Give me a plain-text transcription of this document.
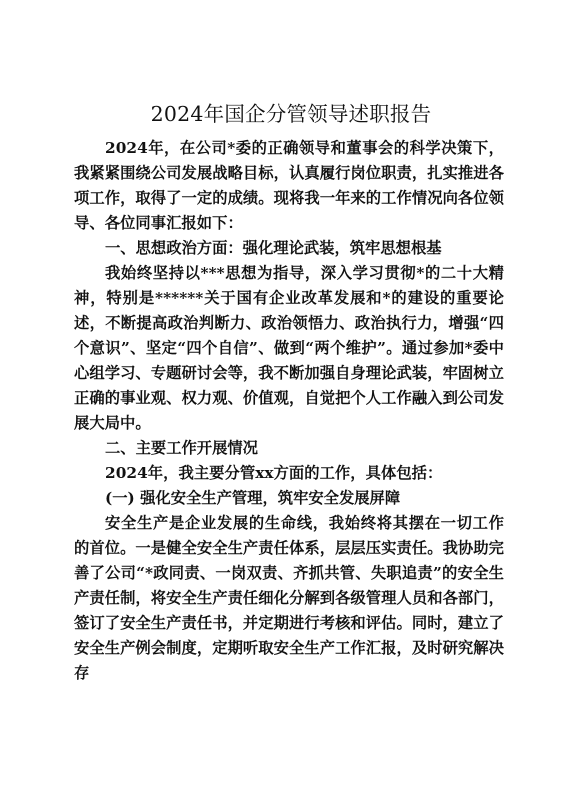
2024年国企分管领导述职报告

2024年，在公司*委的正确领导和董事会的科学决策下，我紧紧围绕公司发展战略目标，认真履行岗位职责，扎实推进各项工作，取得了一定的成绩。现将我一年来的工作情况向各位领导、各位同事汇报如下：

一、思想政治方面：强化理论武装，筑牢思想根基

我始终坚持以***思想为指导，深入学习贯彻*的二十大精神，特别是******关于国有企业改革发展和*的建设的重要论述，不断提高政治判断力、政治领悟力、政治执行力，增强“四个意识”、坚定“四个自信”、做到“两个维护”。通过参加*委中心组学习、专题研讨会等，我不断加强自身理论武装，牢固树立正确的事业观、权力观、价值观，自觉把个人工作融入到公司发展大局中。

二、主要工作开展情况

2024年，我主要分管xx方面的工作，具体包括：

(一) 强化安全生产管理，筑牢安全发展屏障

安全生产是企业发展的生命线，我始终将其摆在一切工作的首位。一是健全安全生产责任体系，层层压实责任。我协助完善了公司“*政同责、一岗双责、齐抓共管、失职追责”的安全生产责任制，将安全生产责任细化分解到各级管理人员和各部门，签订了安全生产责任书，并定期进行考核和评估。同时，建立了安全生产例会制度，定期听取安全生产工作汇报，及时研究解决存
